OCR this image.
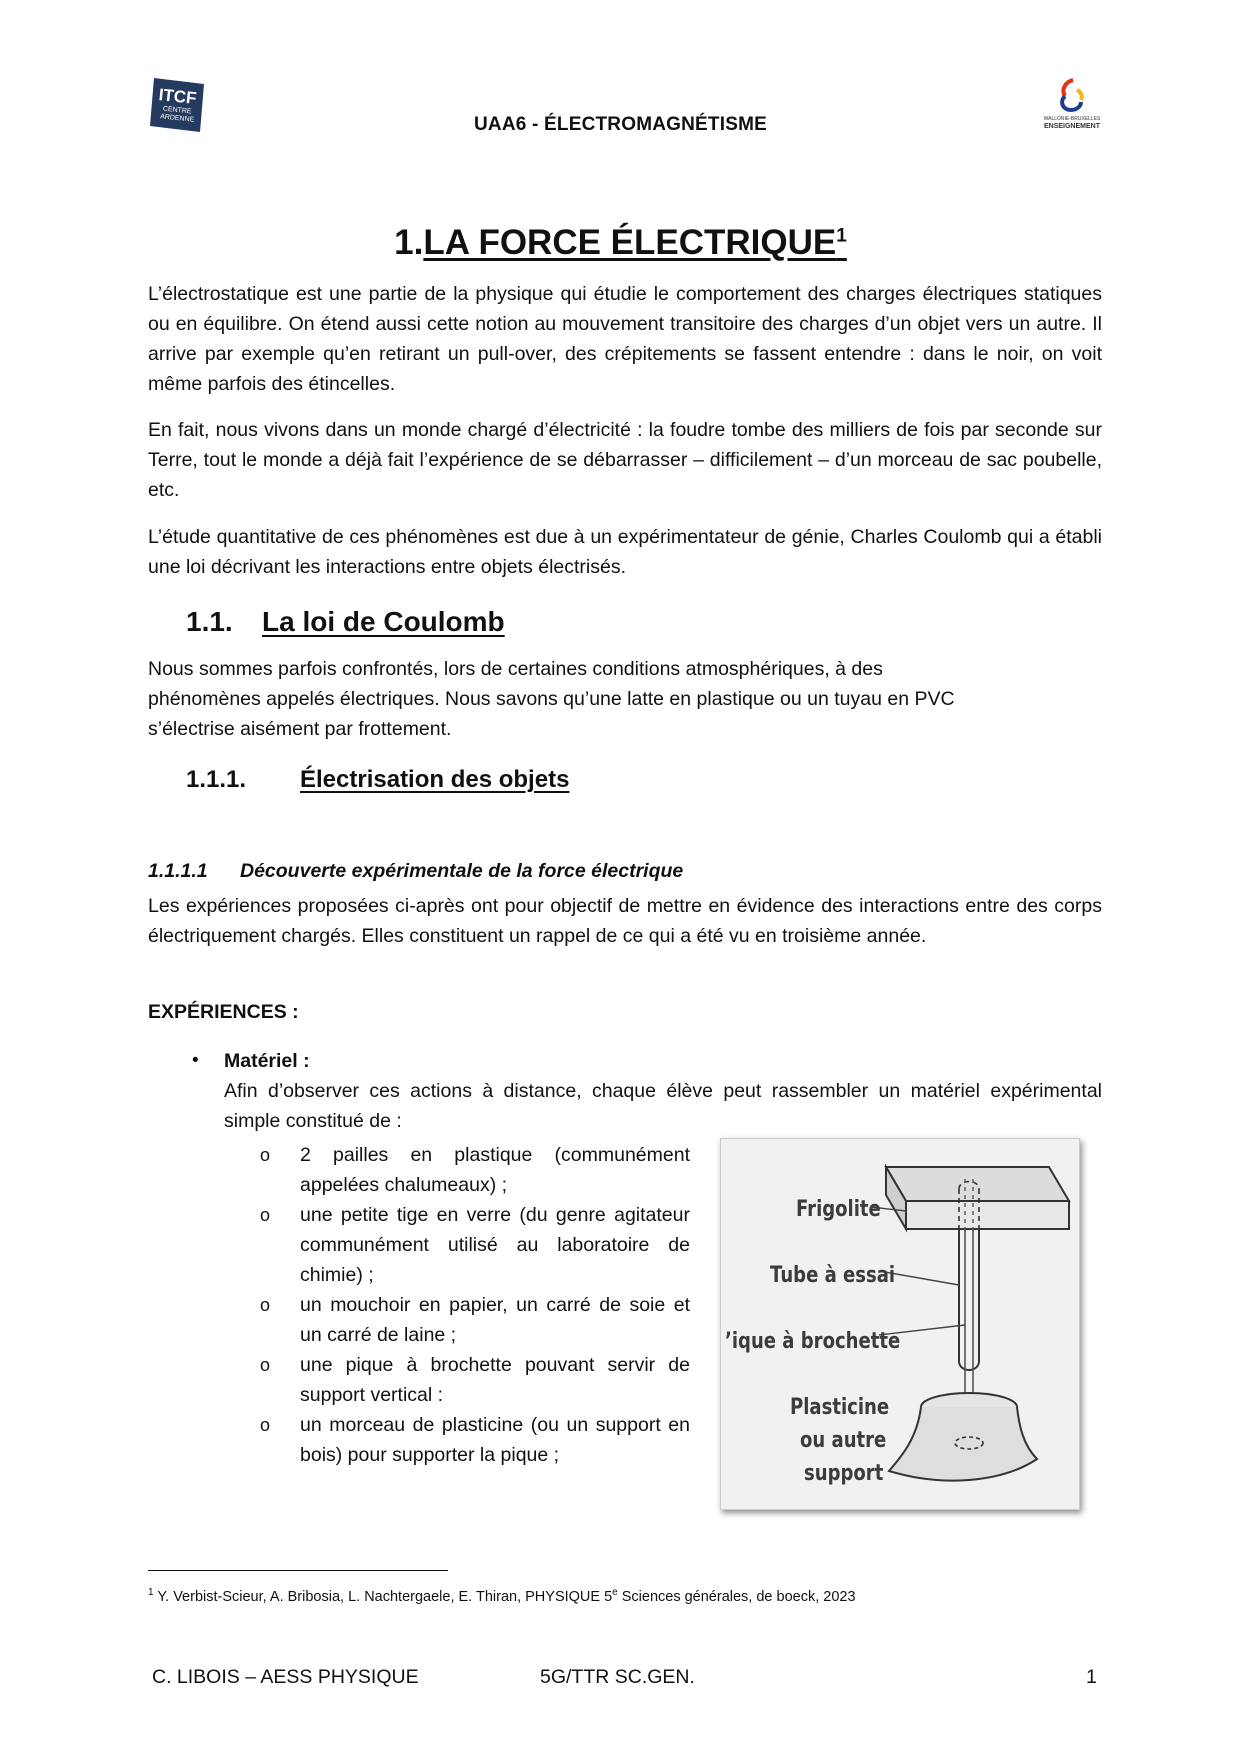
ITCF
CENTRE
ARDENNE	UAA6 - ÉLECTROMAGNÉTISME	WALLONIE-BRUXELLES
ENSEIGNEMENT
1.LA FORCE ÉLECTRIQUE$^1$
L’électrostatique est une partie de la physique qui étudie le comportement des charges électriques statiques ou en équilibre. On étend aussi cette notion au mouvement transitoire des charges d’un objet vers un autre. Il arrive par exemple qu’en retirant un pull-over, des crépitements se fassent entendre : dans le noir, on voit même parfois des étincelles.
En fait, nous vivons dans un monde chargé d’électricité : la foudre tombe des milliers de fois par seconde sur Terre, tout le monde a déjà fait l’expérience de se débarrasser – difficilement – d’un morceau de sac poubelle, etc.
L’étude quantitative de ces phénomènes est due à un expérimentateur de génie, Charles Coulomb qui a établi une loi décrivant les interactions entre objets électrisés.
1.1. La loi de Coulomb
Nous sommes parfois confrontés, lors de certaines conditions atmosphériques, à des
phénomènes appelés électriques. Nous savons qu’une latte en plastique ou un tuyau en PVC
s’électrise aisément par frottement.
1.1.1. Électrisation des objets
1.1.1.1 Découverte expérimentale de la force électrique
Les expériences proposées ci-après ont pour objectif de mettre en évidence des interactions entre des corps électriquement chargés. Elles constituent un rappel de ce qui a été vu en troisième année.
EXPÉRIENCES :
• Matériel :
Afin d’observer ces actions à distance, chaque élève peut rassembler un matériel expérimental simple constitué de :
o	2 pailles en plastique (communément appelées chalumeaux) ;
o	une petite tige en verre (du genre agitateur communément utilisé au laboratoire de chimie) ;
o	un mouchoir en papier, un carré de soie et un carré de laine ;
o	une pique à brochette pouvant servir de support vertical :
o	un morceau de plasticine (ou un support en bois) pour supporter la pique ;
Frigolite
Tube à essai
’ique à brochette
Plasticine
ou autre
support
$^1$ Y. Verbist-Scieur, A. Bribosia, L. Nachtergaele, E. Thiran, PHYSIQUE 5e Sciences générales, de boeck, 2023
C. LIBOIS – AESS PHYSIQUE	5G/TTR SC.GEN.	1
